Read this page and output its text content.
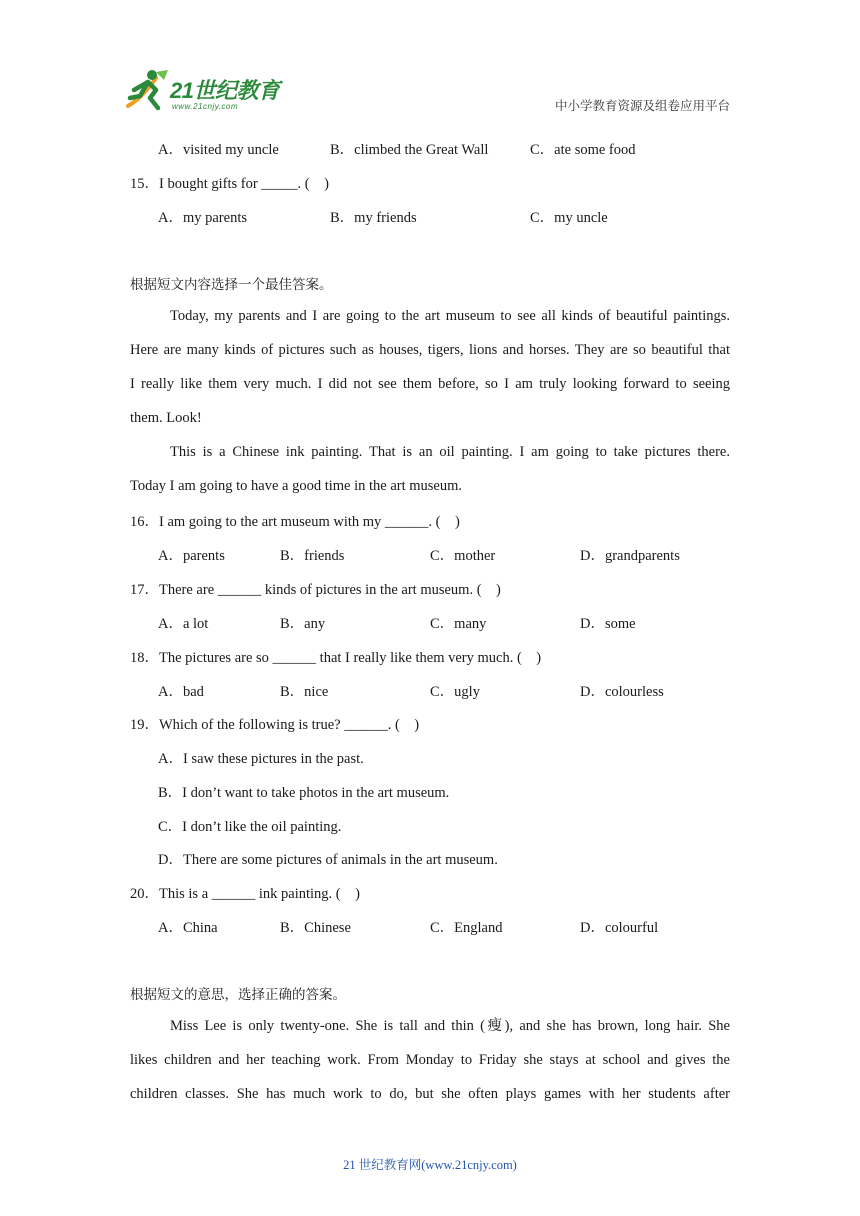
21世纪教育
www.21cnjy.com	中小学教育资源及组卷应用平台
A．visited my uncle	B．climbed the Great Wall	C．ate some food
15．I bought gifts for _____. (　)
A．my parents	B．my friends	C．my uncle
根据短文内容选择一个最佳答案。
Today, my parents and I are going to the art museum to see all kinds of beautiful paintings.
Here are many kinds of pictures such as houses, tigers, lions and horses. They are so beautiful that
I really like them very much. I did not see them before, so I am truly looking forward to seeing
them. Look!
This is a Chinese ink painting. That is an oil painting. I am going to take pictures there.
Today I am going to have a good time in the art museum.
16．I am going to the art museum with my ______. (　)
A．parents	B．friends	C．mother	D．grandparents
17．There are ______ kinds of pictures in the art museum. (　)
A．a lot	B．any	C．many	D．some
18．The pictures are so ______ that I really like them very much. (　)
A．bad	B．nice	C．ugly	D．colourless
19．Which of the following is true? ______. (　)
A．I saw these pictures in the past.
B．I don’t want to take photos in the art museum.
C．I don’t like the oil painting.
D．There are some pictures of animals in the art museum.
20．This is a ______ ink painting. (　)
A．China	B．Chinese	C．England	D．colourful
根据短文的意思，选择正确的答案。
Miss Lee is only twenty-one. She is tall and thin (瘦), and she has brown, long hair. She
likes children and her teaching work. From Monday to Friday she stays at school and gives the
children classes. She has much work to do, but she often plays games with her students after
21 世纪教育网(www.21cnjy.com)
